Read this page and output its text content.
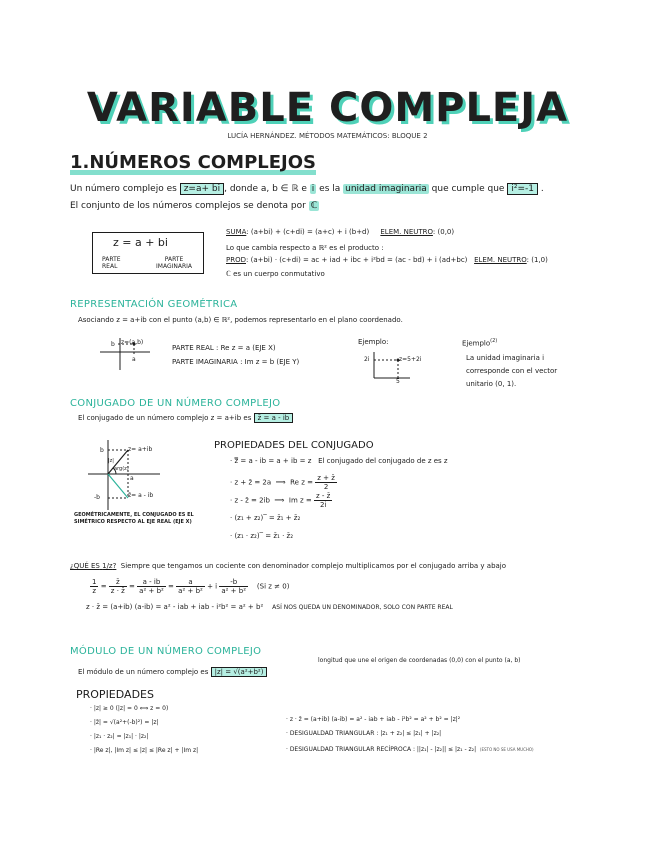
VARIABLE COMPLEJA
LUCÍA HERNÁNDEZ. MÉTODOS MATEMÁTICOS: BLOQUE 2
1.NÚMEROS COMPLEJOS
Un número complejo es z=a+ bi , donde a, b ∈ ℝ e i es la unidad imaginaria que cumple que i²=-1 .
El conjunto de los números complejos se denota por ℂ
z = a + bi
PARTE REAL
PARTE IMAGINARIA
SUMA: (a+bi) + (c+di) = (a+c) + i (b+d) ELEM. NEUTRO: (0,0)
Lo que cambia respecto a ℝ² es el producto :
PROD: (a+bi) · (c+di) = ac + iad + ibc + i²bd = (ac - bd) + i (ad+bc) ELEM. NEUTRO: (1,0)
ℂ es un cuerpo conmutativo
REPRESENTACIÓN GEOMÉTRICA
Asociando z = a+ib con el punto (a,b) ∈ ℝ², podemos representarlo en el plano coordenado.
z=(a,b)
b
a
PARTE REAL : Re z = a (EJE X)
PARTE IMAGINARIA : Im z = b (EJE Y)
Ejemplo:
z=5+2i
2i
5
Ejemplo$^{(2)}$
La unidad imaginaria i
corresponde con el vector
unitario (0, 1).
CONJUGADO DE UN NÚMERO COMPLEJO
El conjugado de un número complejo z = a+ib es z̄ = a - ib
z= a+ib
z̄= a - ib
b
-b
a
|z|
arg(z)
GEOMÉTRICAMENTE, EL CONJUGADO ES EL
SIMÉTRICO RESPECTO AL EJE REAL (EJE X)
PROPIEDADES DEL CONJUGADO
· z̿ = a - ib = a + ib = z El conjugado del conjugado de z es z
· z + z̄ = 2a  ⟹  Re $z = \frac{z + z̄}{2}$
· z - z̄ = 2ib  ⟹  Im $z = \frac{z - z̄}{2i}$
· (z₁ + z₂)‾ = z̄₁ + z̄₂
· (z₁ · z₂)‾ = z̄₁ · z̄₂
¿QUÉ ES 1/z? Siempre que tengamos un cociente con denominador complejo multiplicamos por el conjugado arriba y abajo
$\frac{1}{z} = \frac{z̄}{z \cdot z̄} = \frac{a - ib}{\text{a² + b²}} = \frac{a}{\text{a² + b²}} + i \frac{-b}{\text{a² + b²}} (Si$ z ≠ 0)
z · z̄ = (a+ib) (a-ib) = a² - iab + iab - i²b² = a² + b² ASÍ NOS QUEDA UN DENOMINADOR, SOLO CON PARTE REAL
MÓDULO DE UN NÚMERO COMPLEJO
El módulo de un número complejo es |z| = √(a²+b²)
longitud que une el origen de coordenadas (0,0) con el punto (a, b)
PROPIEDADES
· |z| ≥ 0 (|z| = 0 ⟺ z = 0)
· |z̄| = √(a²+(-b)²) = |z|
· |z₁ · z₂| = |z₁| · |z₂|
· |Re z|, |Im z| ≤ |z| ≤ |Re z| + |Im z|
· z · z̄ = (a+ib) (a-ib) = a² - iab + iab - i²b² = a² + b² = |z|²
· DESIGUALDAD TRIANGULAR : |z₁ + z₂| ≤ |z₁| + |z₂|
· DESIGUALDAD TRIANGULAR RECÍPROCA : ||z₁| - |z₂|| ≤ |z₁ - z₂| (ESTO NO SE USA MUCHO)
